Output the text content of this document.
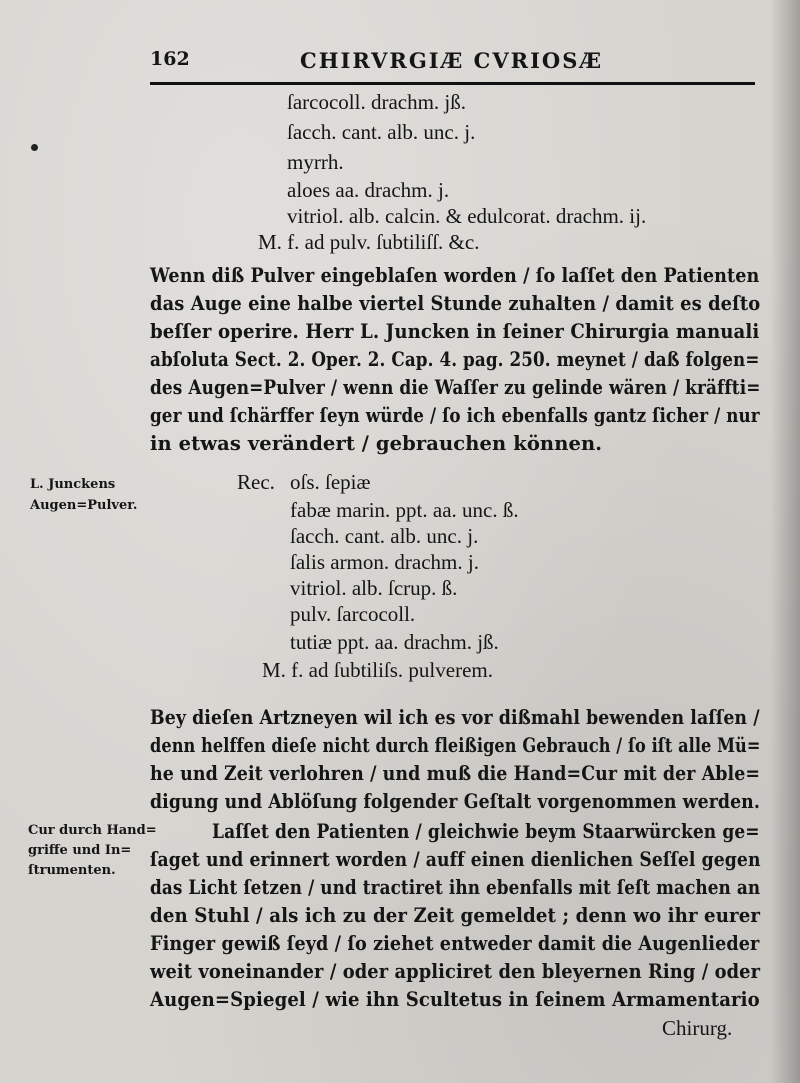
162	CHIRVRGIÆ CVRIOSÆ
ſarcocoll. drachm. jß.
ſacch. cant. alb. unc. j.
myrrh.
aloes aa. drachm. j.
vitriol. alb. calcin. & edulcorat. drachm. ij.
M. f. ad pulv. ſubtiliſſ. &c.
Wenn diß Pulver eingeblaſen worden / ſo laſſet den Patienten
das Auge eine halbe viertel Stunde zuhalten / damit es deſto
beſſer operire. Herr L. Juncken in ſeiner Chirurgia manuali
abſoluta Sect. 2. Oper. 2. Cap. 4. pag. 250. meynet / daß folgen=
des Augen=Pulver / wenn die Waſſer zu gelinde wären / kräffti=
ger und ſchärffer ſeyn würde / ſo ich ebenfalls gantz ſicher / nur
in etwas verändert / gebrauchen können.
L. Junckens
Augen=Pulver.
Rec. oſs. ſepiæ
fabæ marin. ppt. aa. unc. ß.
ſacch. cant. alb. unc. j.
ſalis armon. drachm. j.
vitriol. alb. ſcrup. ß.
pulv. ſarcocoll.
tutiæ ppt. aa. drachm. jß.
M. f. ad ſubtiliſs. pulverem.
Bey dieſen Artzneyen wil ich es vor dißmahl bewenden laſſen /
denn helffen dieſe nicht durch fleißigen Gebrauch / ſo iſt alle Mü=
he und Zeit verlohren / und muß die Hand=Cur mit der Able=
digung und Ablöſung folgender Geſtalt vorgenommen werden.
Cur durch Hand=
griffe und In=
ſtrumenten.
Laſſet den Patienten / gleichwie beym Staarwürcken ge=
ſaget und erinnert worden / auff einen dienlichen Seſſel gegen
das Licht ſetzen / und tractiret ihn ebenfalls mit ſeſt machen an
den Stuhl / als ich zu der Zeit gemeldet ; denn wo ihr eurer
Finger gewiß ſeyd / ſo ziehet entweder damit die Augenlieder
weit voneinander / oder appliciret den bleyernen Ring / oder
Augen=Spiegel / wie ihn Scultetus in ſeinem Armamentario
Chirurg.
